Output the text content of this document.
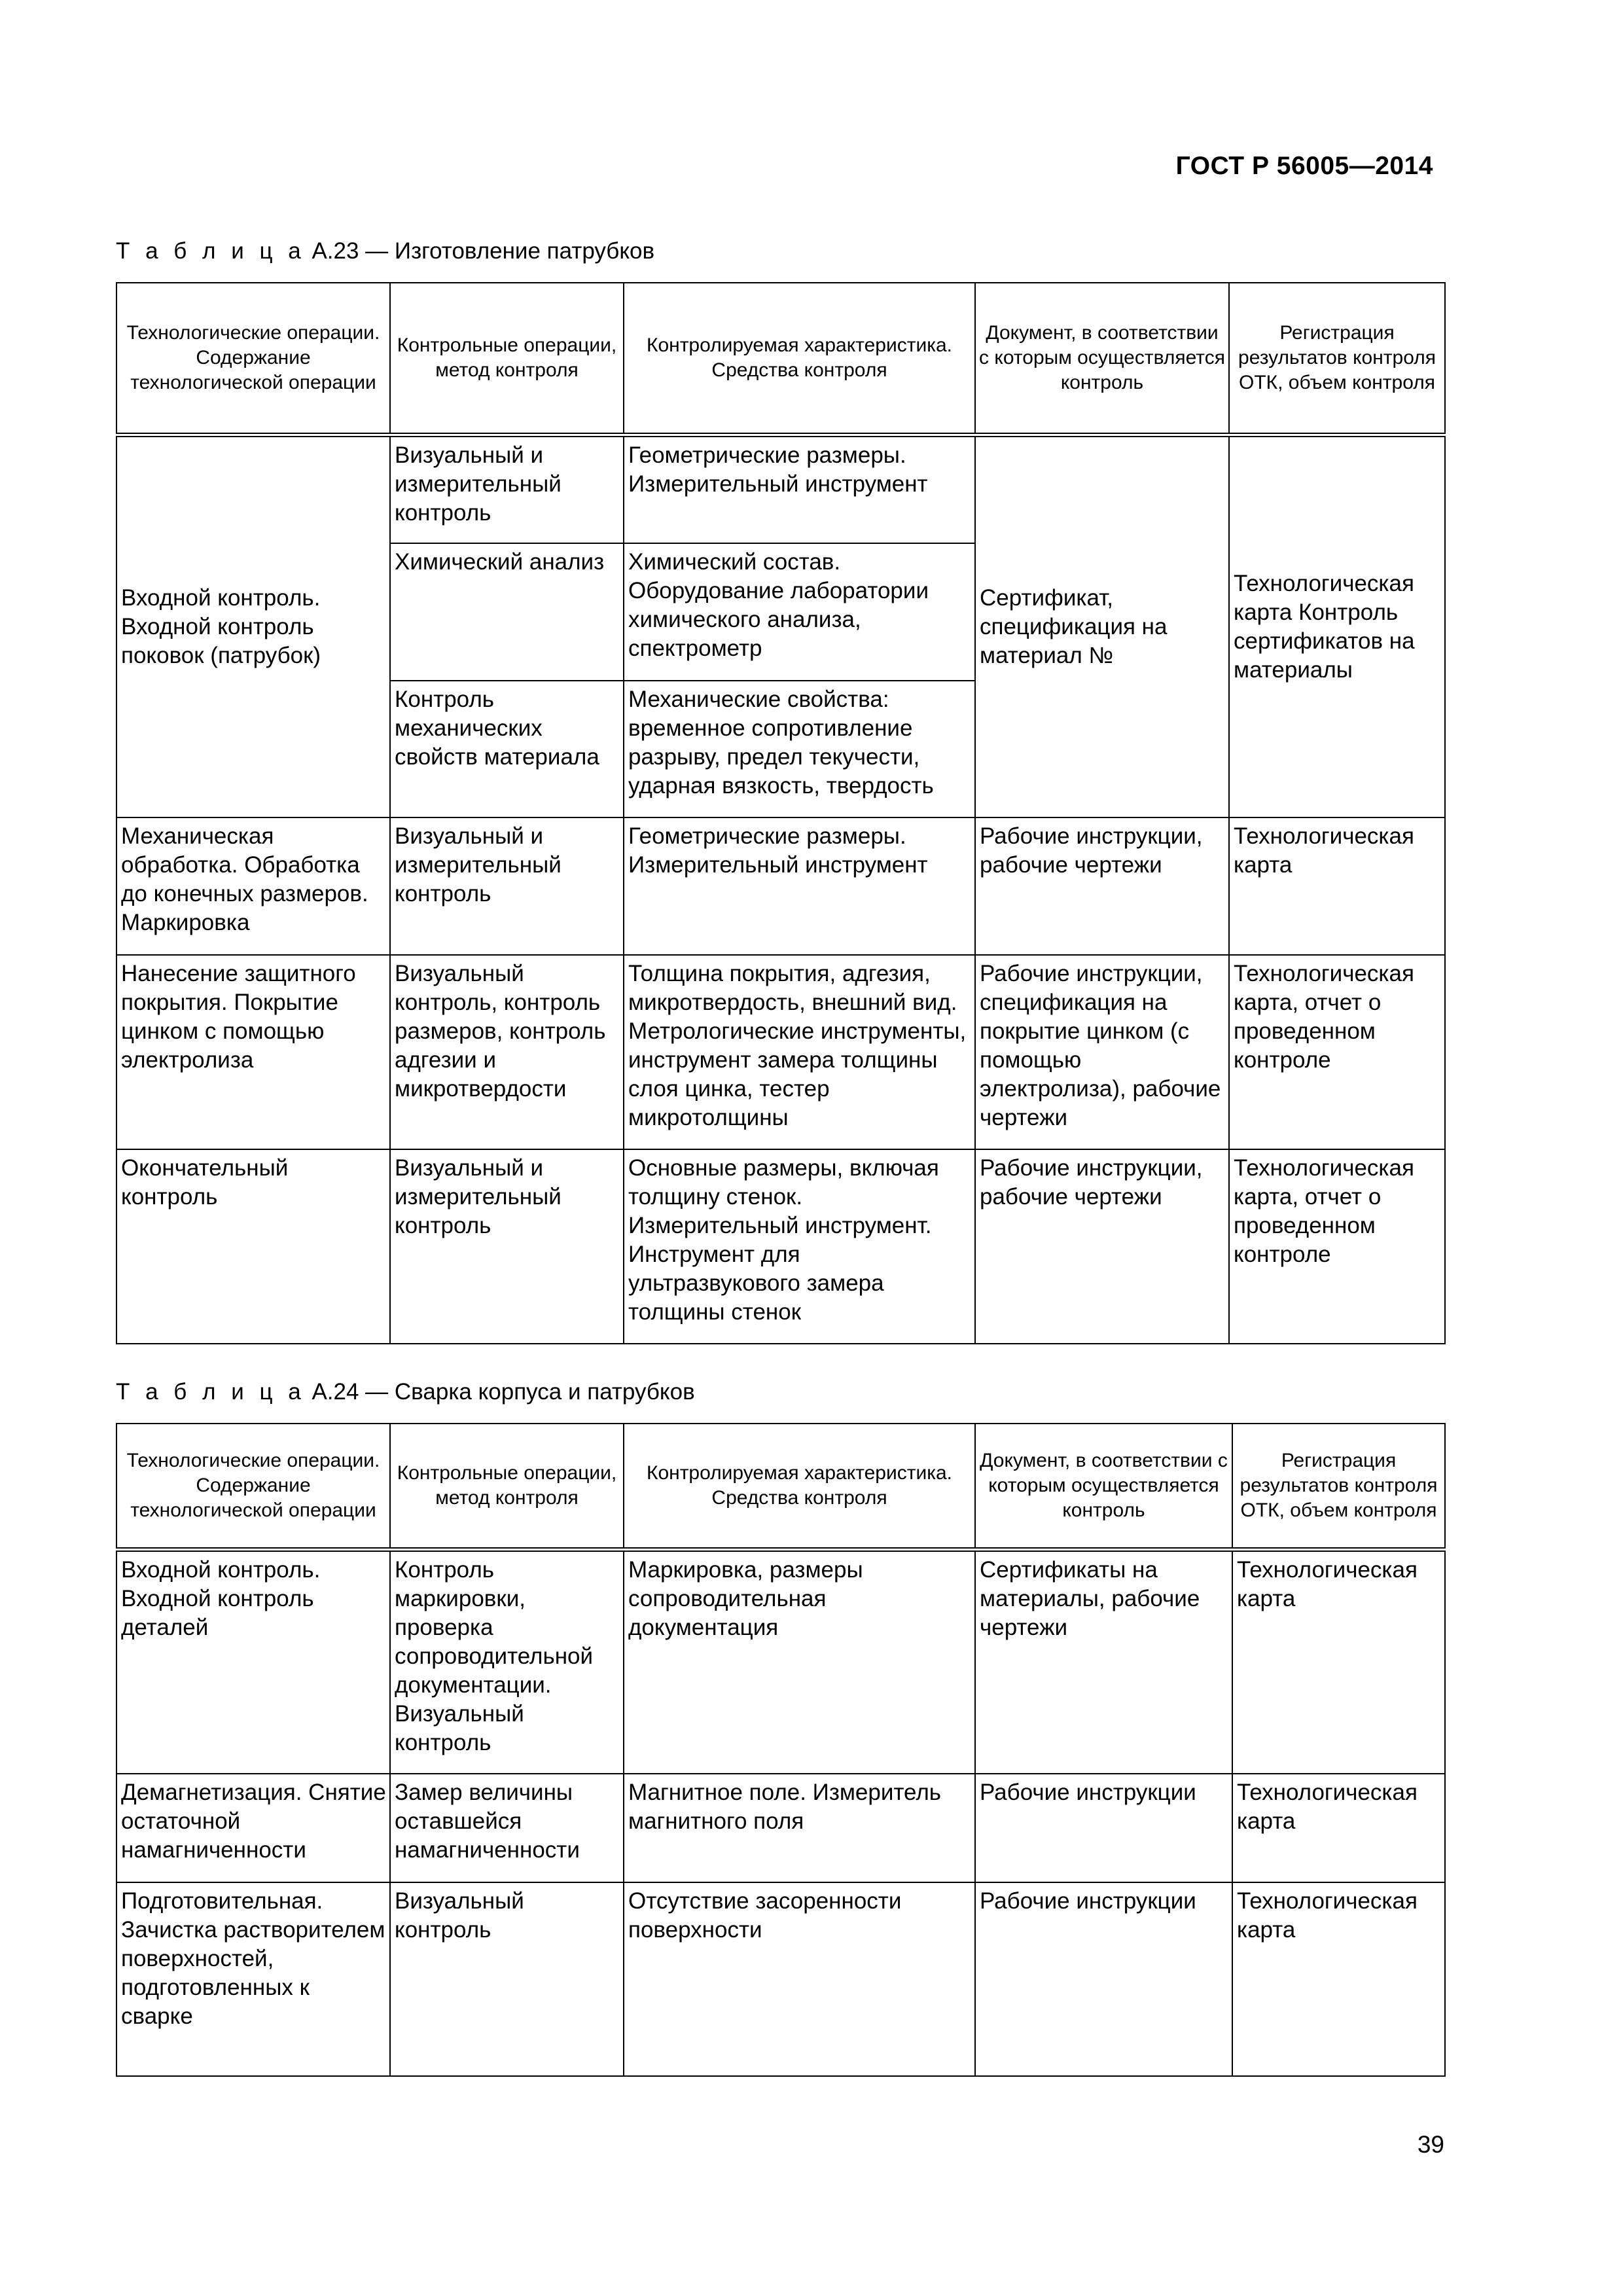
ГОСТ Р 56005—2014
Т а б л и ц а А.23 — Изготовление патрубков
Технологические операции. Содержание технологической операции	Контрольные операции, метод контроля	Контролируемая характеристика. Средства контроля	Документ, в соответствии с которым осуществляется контроль	Регистрация результатов контроля ОТК, объем контроля
Входной контроль. Входной контроль поковок (патрубок)	Визуальный и измерительный контроль	Геометрические размеры. Измерительный инструмент	Сертификат, спецификация на материал №	Технологическая карта Контроль сертификатов на материалы
	Химический анализ	Химический состав. Оборудование лаборатории химического анализа, спектрометр		
	Контроль механических свойств материала	Механические свойства: временное сопротивление разрыву, предел текучести, ударная вязкость, твердость		
Механическая обработка. Обработка до конечных размеров. Маркировка	Визуальный и измерительный контроль	Геометрические размеры. Измерительный инструмент	Рабочие инструкции, рабочие чертежи	Технологическая карта
Нанесение защитного покрытия. Покрытие цинком с помощью электролиза	Визуальный контроль, контроль размеров, контроль адгезии и микротвердости	Толщина покрытия, адгезия, микротвердость, внешний вид. Метрологические инструменты, инструмент замера толщины слоя цинка, тестер микротолщины	Рабочие инструкции, спецификация на покрытие цинком (с помощью электролиза), рабочие чертежи	Технологическая карта, отчет о проведенном контроле
Окончательный контроль	Визуальный и измерительный контроль	Основные размеры, включая толщину стенок. Измерительный инструмент. Инструмент для ультразвукового замера толщины стенок	Рабочие инструкции, рабочие чертежи	Технологическая карта, отчет о проведенном контроле
Т а б л и ц а А.24 — Сварка корпуса и патрубков
Технологические операции. Содержание технологической операции	Контрольные операции, метод контроля	Контролируемая характеристика. Средства контроля	Документ, в соответствии с которым осуществляется контроль	Регистрация результатов контроля ОТК, объем контроля
Входной контроль. Входной контроль деталей	Контроль маркировки, проверка сопроводительной документации. Визуальный контроль	Маркировка, размеры сопроводительная документация	Сертификаты на материалы, рабочие чертежи	Технологическая карта
Демагнетизация. Снятие остаточной намагниченности	Замер величины оставшейся намагниченности	Магнитное поле. Измеритель магнитного поля	Рабочие инструкции	Технологическая карта
Подготовительная. Зачистка растворителем поверхностей, подготовленных к сварке	Визуальный контроль	Отсутствие засоренности поверхности	Рабочие инструкции	Технологическая карта
39
